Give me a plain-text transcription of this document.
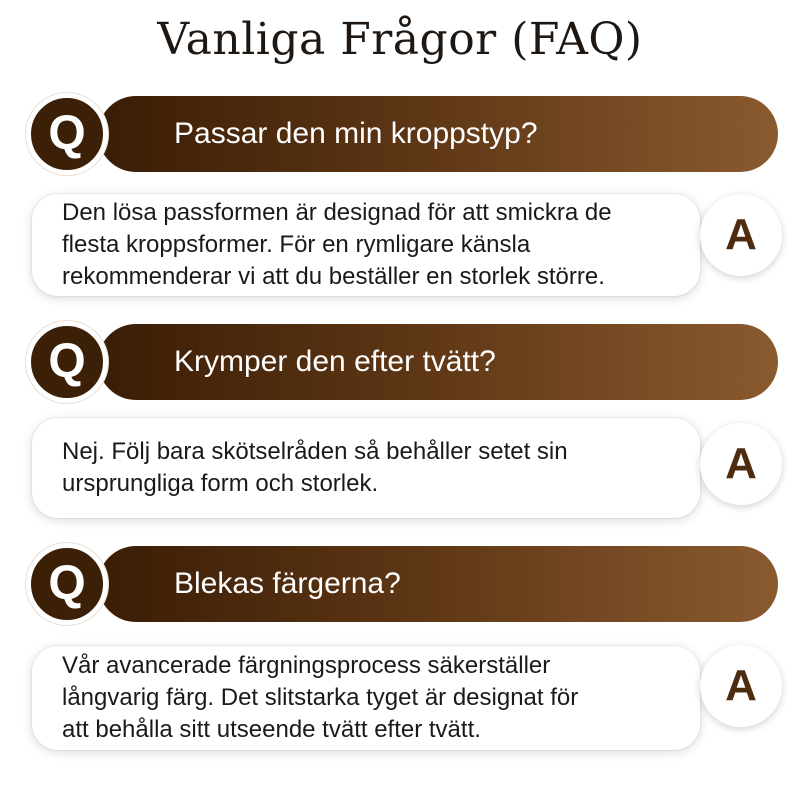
Vanliga Frågor (FAQ)
Passar den min kroppstyp?
Q
Den lösa passformen är designad för att smickra de
flesta kroppsformer. För en rymligare känsla
rekommenderar vi att du beställer en storlek större.
A
Krymper den efter tvätt?
Q
Nej. Följ bara skötselråden så behåller setet sin
ursprungliga form och storlek.	A
Blekas färgerna?
Q
Vår avancerade färgningsprocess säkerställer
långvarig färg. Det slitstarka tyget är designat för
att behålla sitt utseende tvätt efter tvätt.
A
